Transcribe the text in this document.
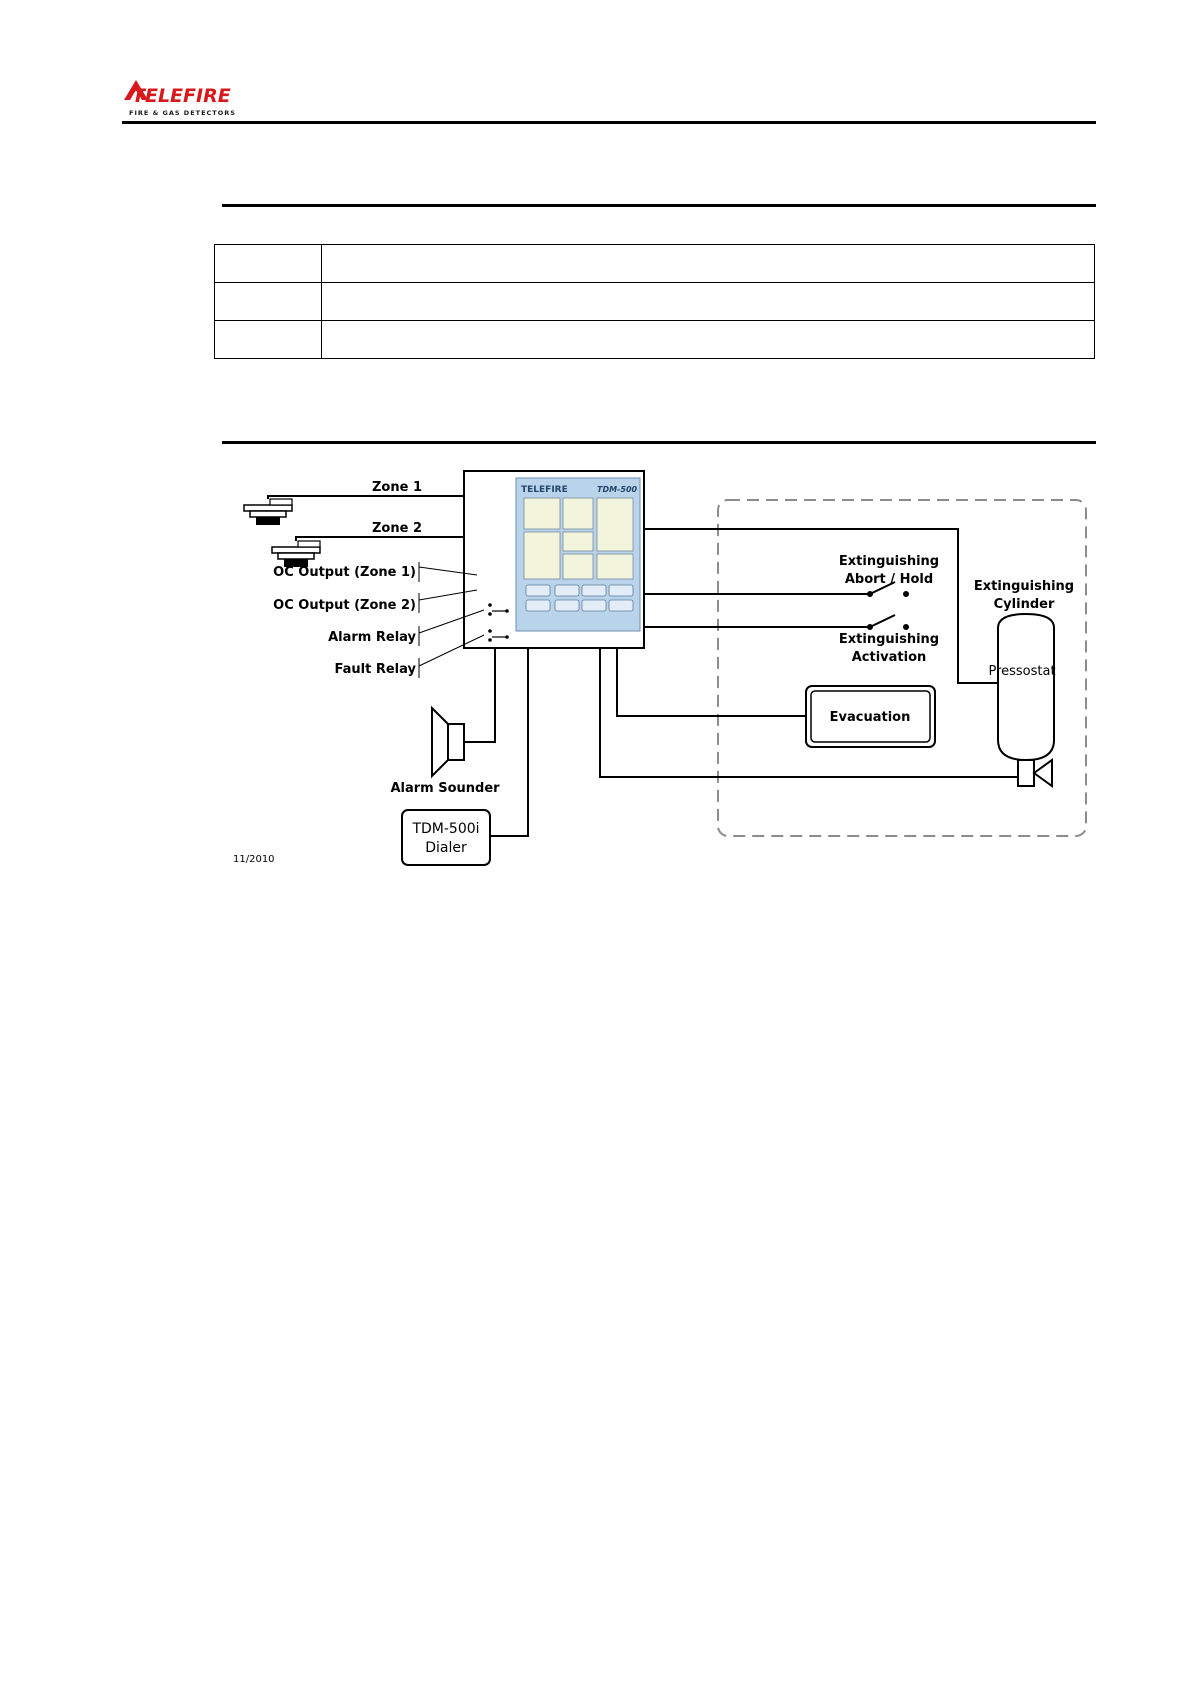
TELEFIRE
FIRE & GAS DETECTORS

Zone 1
Zone 2
TELEFIRE	TDM-500
OC Output (Zone 1)
OC Output (Zone 2)
Alarm Relay
Fault Relay
Alarm Sounder
TDM-500i
Dialer
11/2010
Extinguishing
Abort / Hold
Extinguishing
Activation
Evacuation
Extinguishing
Cylinder
Pressostat
